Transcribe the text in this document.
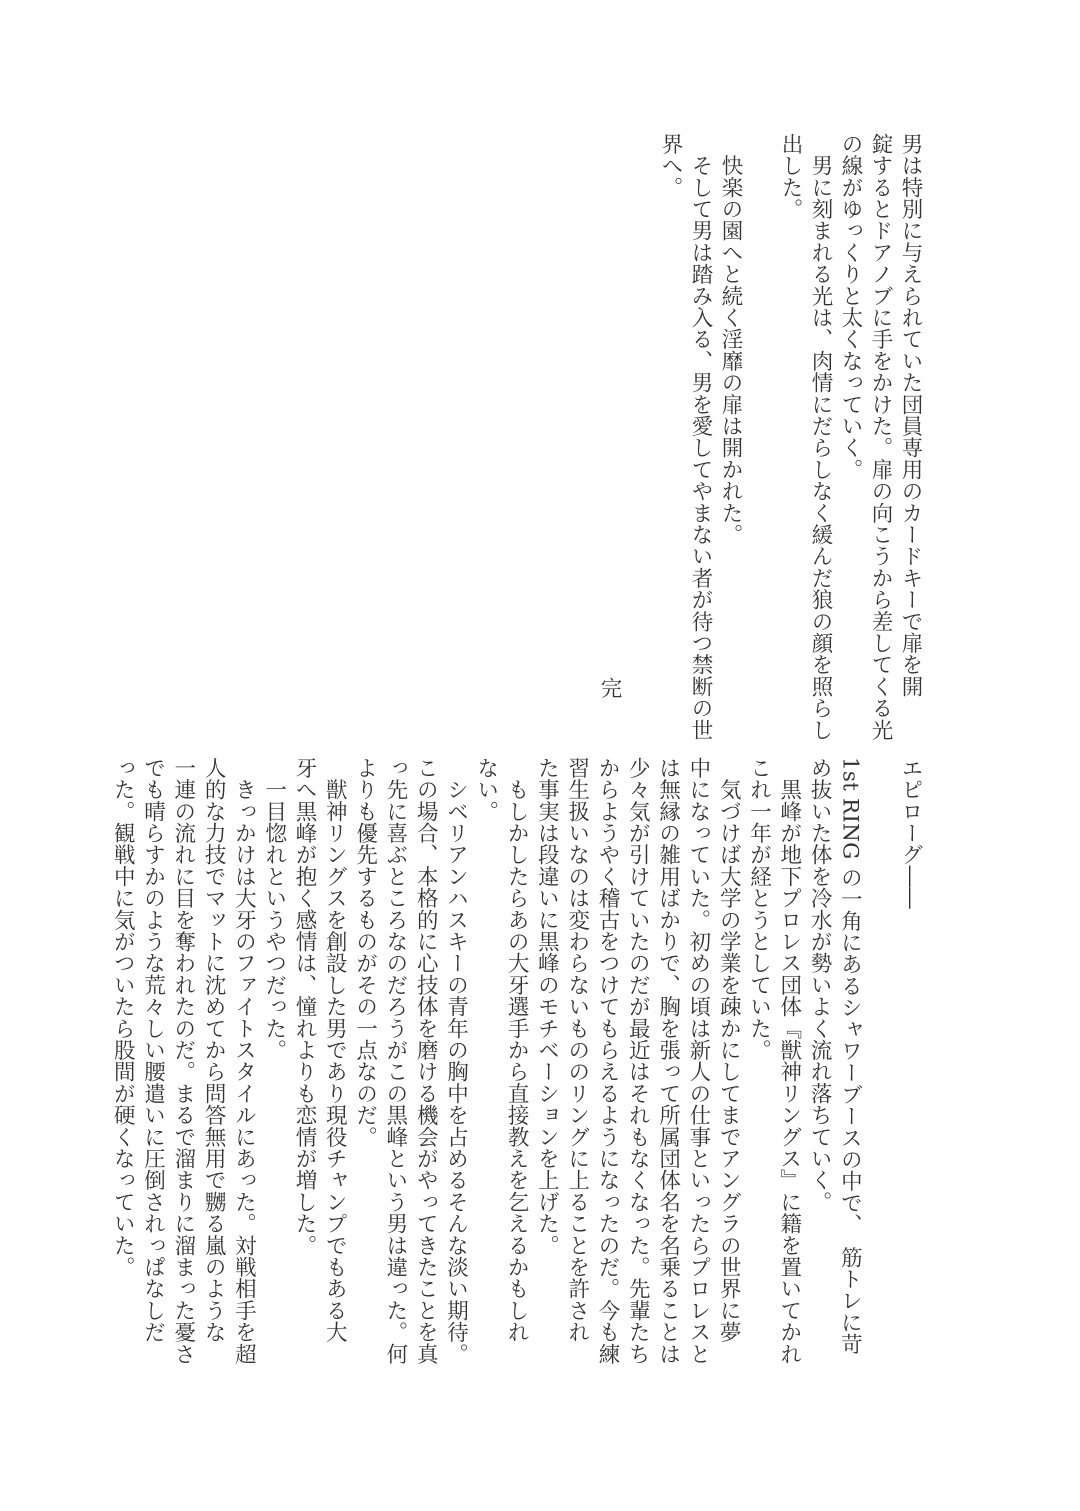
男は特別に与えられていた団員専用のカードキーで扉を開
錠するとドアノブに手をかけた。扉の向こうから差してくる光
の線がゆっくりと太くなっていく。
　男に刻まれる光は、肉情にだらしなく緩んだ狼の顔を照らし
出した。
　快楽の園へと続く淫靡の扉は開かれた。
　そして男は踏み入る、男を愛してやまない者が待つ禁断の世
界へ。
完
エピローグ――
1st RING の一角にあるシャワーブースの中で、　筋トレに苛
め抜いた体を冷水が勢いよく流れ落ちていく。
　黒峰が地下プロレス団体『獣神リングス』に籍を置いてかれ
これ一年が経とうとしていた。
　気づけば大学の学業を疎かにしてまでアングラの世界に夢
中になっていた。初めの頃は新人の仕事といったらプロレスと
は無縁の雑用ばかりで、胸を張って所属団体名を名乗ることは
少々気が引けていたのだが最近はそれもなくなった。先輩たち
からようやく稽古をつけてもらえるようになったのだ。今も練
習生扱いなのは変わらないもののリングに上ることを許され
た事実は段違いに黒峰のモチベーションを上げた。
　もしかしたらあの大牙選手から直接教えを乞えるかもしれ
ない。
　シベリアンハスキーの青年の胸中を占めるそんな淡い期待。
この場合、本格的に心技体を磨ける機会がやってきたことを真
っ先に喜ぶところなのだろうがこの黒峰という男は違った。何
よりも優先するものがその一点なのだ。
　獣神リングスを創設した男であり現役チャンプでもある大
牙へ黒峰が抱く感情は、憧れよりも恋情が増した。
　一目惚れというやつだった。
　きっかけは大牙のファイトスタイルにあった。対戦相手を超
人的な力技でマットに沈めてから問答無用で嬲る嵐のような
一連の流れに目を奪われたのだ。まるで溜まりに溜まった憂さ
でも晴らすかのような荒々しい腰遣いに圧倒されっぱなしだ
った。観戦中に気がついたら股間が硬くなっていた。
